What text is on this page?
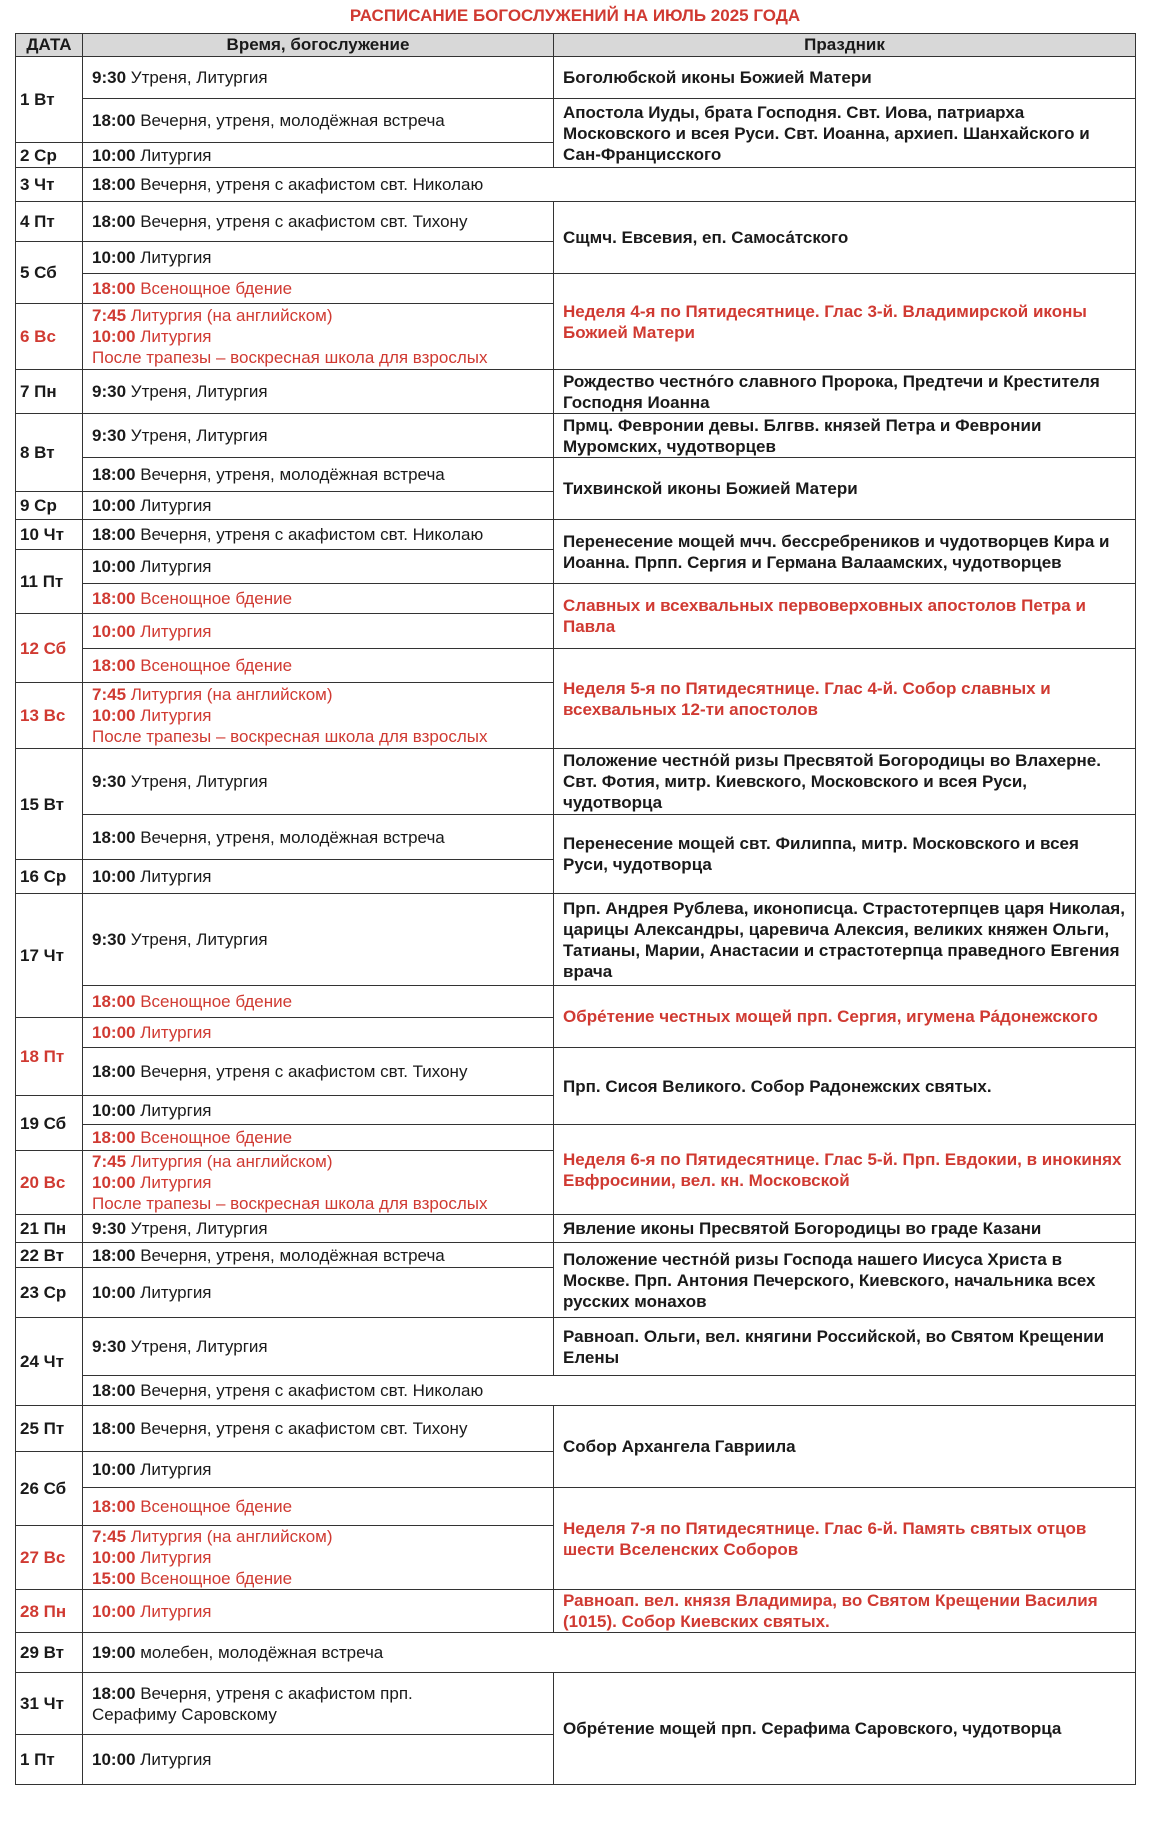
РАСПИСАНИЕ БОГОСЛУЖЕНИЙ НА ИЮЛЬ 2025 ГОДА
ДАТА	Время, богослужение	Праздник
1 Вт	9:30 Утреня, Литургия	Боголюбской иконы Божией Матери
	18:00 Вечерня, утреня, молодёжная встреча	Апостола Иуды, брата Господня. Свт. Иова, патриарха Московского и всея Руси. Свт. Иоанна, архиеп. Шанхайского и Сан-Францисского
2 Ср	10:00 Литургия	
3 Чт	18:00 Вечерня, утреня с акафистом свт. Николаю	
4 Пт	18:00 Вечерня, утреня с акафистом свт. Тихону	Сщмч. Евсевия, еп. Самоса́тского
5 Сб	10:00 Литургия	
	18:00 Всенощное бдение	Неделя 4-я по Пятидесятнице. Глас 3-й. Владимирской иконы Божией Матери
6 Вс	7:45 Литургия (на английском)
10:00 Литургия
После трапезы – воскресная школа для взрослых	

7 Пн	9:30 Утреня, Литургия	Рождество честно́го славного Пророка, Предтечи и Крестителя Господня Иоанна
8 Вт	9:30 Утреня, Литургия	Прмц. Февронии девы. Блгвв. князей Петра и Февронии Муромских, чудотворцев
	18:00 Вечерня, утреня, молодёжная встреча	Тихвинской иконы Божией Матери
9 Ср	10:00 Литургия	
10 Чт	18:00 Вечерня, утреня с акафистом свт. Николаю	Перенесение мощей мчч. бессребреников и чудотворцев Кира и Иоанна. Прпп. Сергия и Германа Валаамских, чудотворцев
11 Пт	10:00 Литургия	
	18:00 Всенощное бдение	Славных и всехвальных первоверховных апостолов Петра и Павла
12 Сб	10:00 Литургия	
	18:00 Всенощное бдение	Неделя 5-я по Пятидесятнице. Глас 4-й. Собор славных и всехвальных 12-ти апостолов
13 Вс	7:45 Литургия (на английском)
10:00 Литургия
После трапезы – воскресная школа для взрослых	

15 Вт	9:30 Утреня, Литургия	Положение честно́й ризы Пресвятой Богородицы во Влахерне. Свт. Фотия, митр. Киевского, Московского и всея Руси, чудотворца
	18:00 Вечерня, утреня, молодёжная встреча	Перенесение мощей свт. Филиппа, митр. Московского и всея Руси, чудотворца
16 Ср	10:00 Литургия	
17 Чт	9:30 Утреня, Литургия	Прп. Андрея Рублева, иконописца. Страстотерпцев царя Николая, царицы Александры, царевича Алексия, великих княжен Ольги, Татианы, Марии, Анастасии и страстотерпца праведного Евгения врача
	18:00 Всенощное бдение	Обре́тение честных мощей прп. Сергия, игумена Ра́донежского
18 Пт	10:00 Литургия	
	18:00 Вечерня, утреня с акафистом свт. Тихону	Прп. Сисоя Великого. Собор Радонежских святых.
19 Сб	10:00 Литургия	
	18:00 Всенощное бдение	Неделя 6-я по Пятидесятнице. Глас 5-й. Прп. Евдокии, в инокинях Евфросинии, вел. кн. Московской
20 Вс	7:45 Литургия (на английском)
10:00 Литургия
После трапезы – воскресная школа для взрослых	

21 Пн	9:30 Утреня, Литургия	Явление иконы Пресвятой Богородицы во граде Казани
22 Вт	18:00 Вечерня, утреня, молодёжная встреча	Положение честно́й ризы Господа нашего Иисуса Христа в Москве. Прп. Антония Печерского, Киевского, начальника всех русских монахов
23 Ср	10:00 Литургия	
24 Чт	9:30 Утреня, Литургия	Равноап. Ольги, вел. княгини Российской, во Святом Крещении Елены
	18:00 Вечерня, утреня с акафистом свт. Николаю	
25 Пт	18:00 Вечерня, утреня с акафистом свт. Тихону	Собор Архангела Гавриила
26 Сб	10:00 Литургия	
	18:00 Всенощное бдение	Неделя 7-я по Пятидесятнице. Глас 6-й. Память святых отцов шести Вселенских Соборов
27 Вс	7:45 Литургия (на английском)
10:00 Литургия
15:00 Всенощное бдение	

28 Пн	10:00 Литургия	Равноап. вел. князя Владимира, во Святом Крещении Василия (1015). Собор Киевских святых.
29 Вт	19:00 молебен, молодёжная встреча	
31 Чт	18:00 Вечерня, утреня с акафистом прп.
Серафиму Саровскому	Обре́тение мощей прп. Серафима Саровского, чудотворца
1 Пт	10:00 Литургия	
